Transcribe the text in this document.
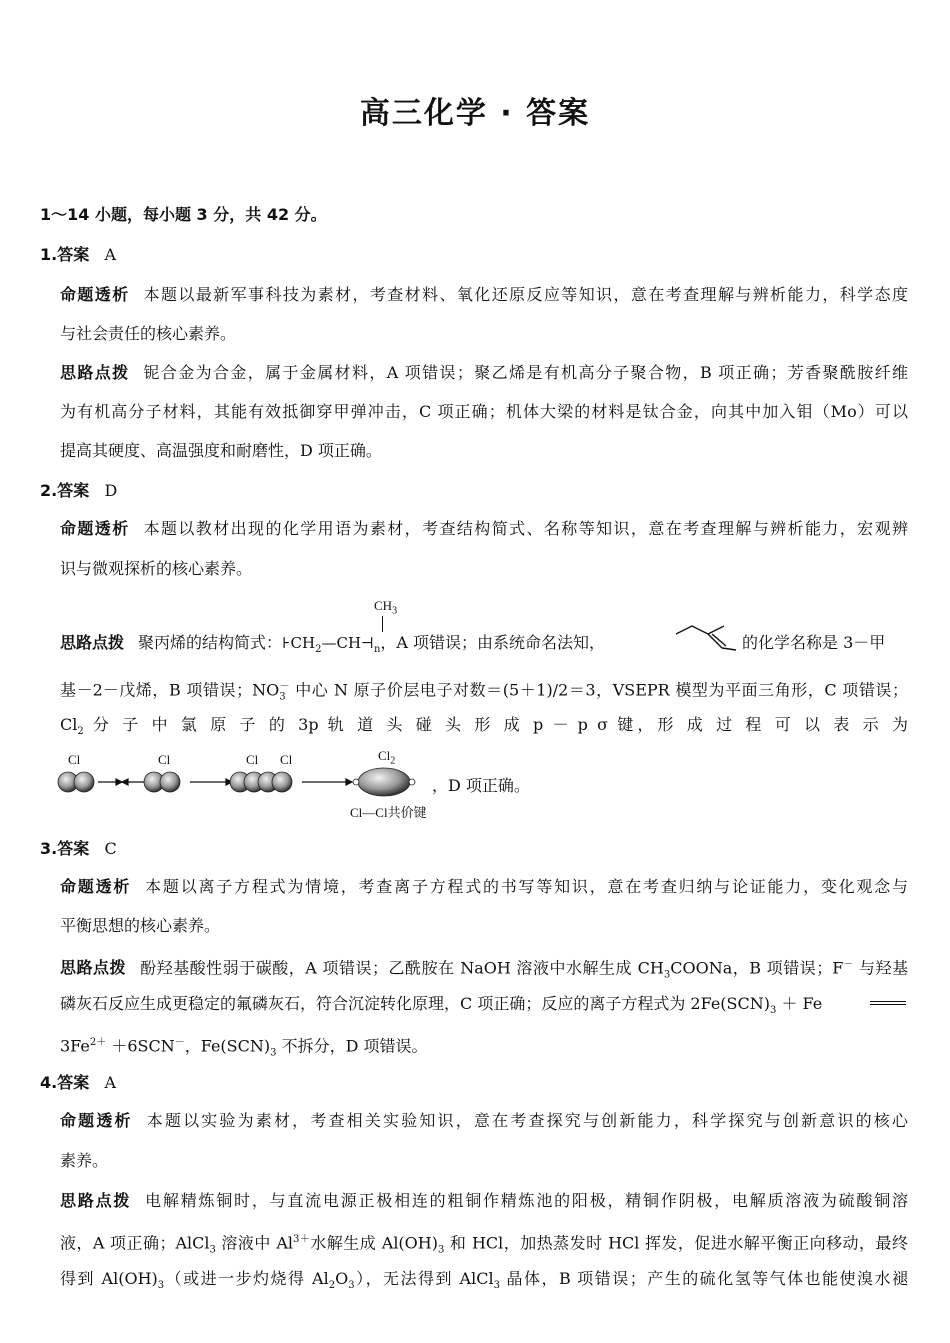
高三化学 · 答案
1～14 小题，每小题 3 分，共 42 分。
1.答案 A
命题透析 本题以最新军事科技为素材，考查材料、氧化还原反应等知识，意在考查理解与辨析能力，科学态度
与社会责任的核心素养。
思路点拨 铌合金为合金，属于金属材料，A 项错误；聚乙烯是有机高分子聚合物，B 项正确；芳香聚酰胺纤维
为有机高分子材料，其能有效抵御穿甲弹冲击，C 项正确；机体大梁的材料是钛合金，向其中加入钼（Mo）可以
提高其硬度、高温强度和耐磨性，D 项正确。
2.答案 D
命题透析 本题以教材出现的化学用语为素材，考查结构简式、名称等知识，意在考查理解与辨析能力，宏观辨
识与微观探析的核心素养。
$CH_3$
思路点拨 聚丙烯的结构简式：$⊦CH_2—CH⊣_n$，A 项错误；由系统命名法知，	的化学名称是 3－甲
基－2－戊烯，B 项错误；$NO_3^-$ 中心 N 原子价层电子对数＝(5＋1)/2＝3，VSEPR 模型为平面三角形，C 项错误；
$Cl_2$ 分 子 中 氯 原 子 的 3p 轨 道 头 碰 头 形 成 p － p σ 键，形 成 过 程 可 以 表 示 为
Cl	Cl	Cl Cl	$Cl_2$
Cl—Cl共价键
，D 项正确。
3.答案 C
命题透析 本题以离子方程式为情境，考查离子方程式的书写等知识，意在考查归纳与论证能力，变化观念与
平衡思想的核心素养。
思路点拨 酚羟基酸性弱于碳酸，A 项错误；乙酰胺在 NaOH 溶液中水解生成 $CH_3COONa$，B 项错误；F－ 与羟基
磷灰石反应生成更稳定的氟磷灰石，符合沉淀转化原理，C 项正确；反应的离子方程式为 $2Fe(SCN)_3 + Fe$
$3Fe^{2+} +6SCN^-$，$Fe(SCN)_3$ 不拆分，D 项错误。
4.答案 A
命题透析 本题以实验为素材，考查相关实验知识，意在考查探究与创新能力，科学探究与创新意识的核心
素养。
思路点拨 电解精炼铜时，与直流电源正极相连的粗铜作精炼池的阳极，精铜作阴极，电解质溶液为硫酸铜溶
液，A 项正确；AlCl$_3$ 溶液中 $Al^{3+}$水解生成 $Al(OH)_3$ 和 HCl，加热蒸发时 HCl 挥发，促进水解平衡正向移动，最终
得到 $Al(OH)_3$（或进一步灼烧得 $Al_2O_3$），无法得到 AlCl$_3$ 晶体，B 项错误；产生的硫化氢等气体也能使溴水褪
